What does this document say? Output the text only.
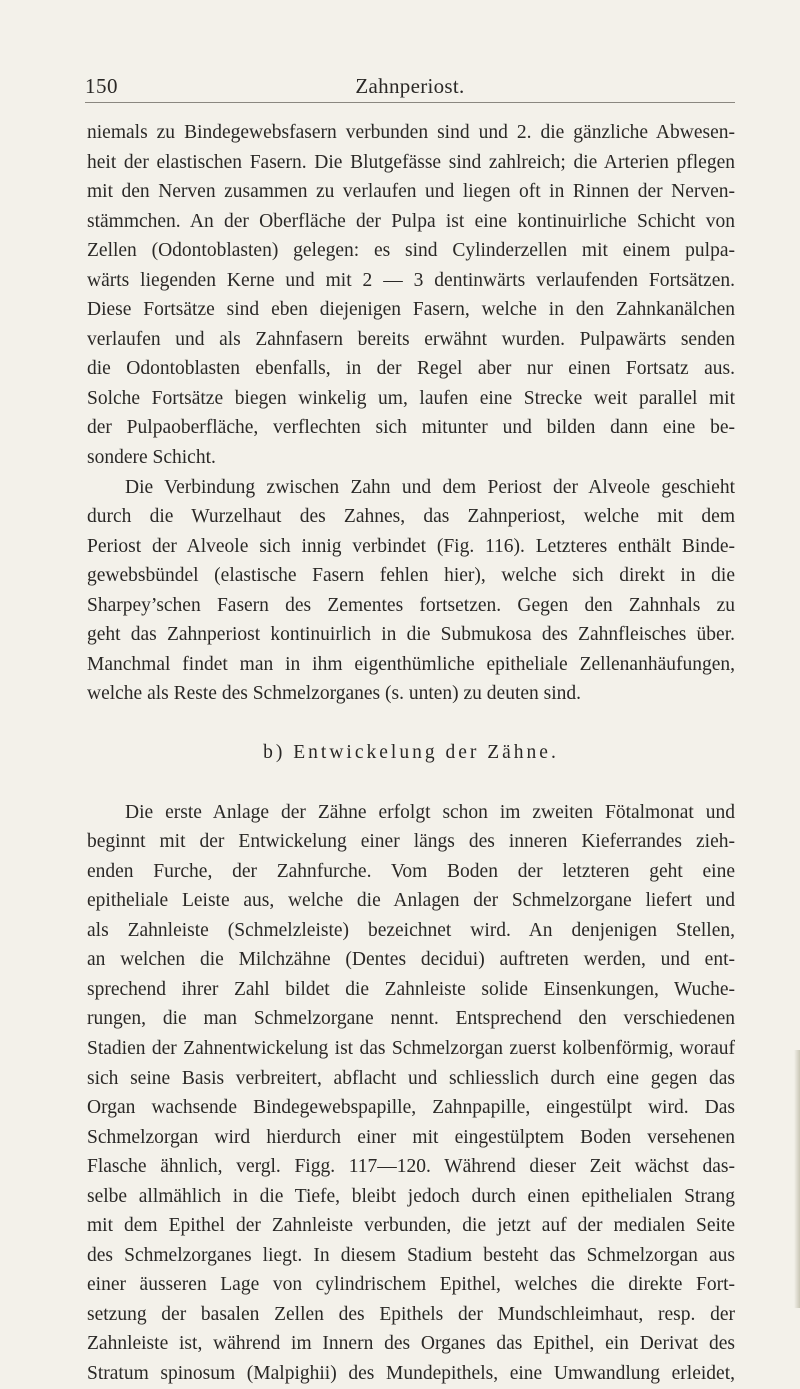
150	Zahnperiost.
niemals zu Bindegewebsfasern verbunden sind und 2. die gänzliche Abwesen-
heit der elastischen Fasern. Die Blutgefässe sind zahlreich; die Arterien pflegen
mit den Nerven zusammen zu verlaufen und liegen oft in Rinnen der Nerven-
stämmchen. An der Oberfläche der Pulpa ist eine kontinuirliche Schicht von
Zellen (Odontoblasten) gelegen: es sind Cylinderzellen mit einem pulpa-
wärts liegenden Kerne und mit 2 — 3 dentinwärts verlaufenden Fortsätzen.
Diese Fortsätze sind eben diejenigen Fasern, welche in den Zahnkanälchen
verlaufen und als Zahnfasern bereits erwähnt wurden. Pulpawärts senden
die Odontoblasten ebenfalls, in der Regel aber nur einen Fortsatz aus.
Solche Fortsätze biegen winkelig um, laufen eine Strecke weit parallel mit
der Pulpaoberfläche, verflechten sich mitunter und bilden dann eine be-
sondere Schicht.
Die Verbindung zwischen Zahn und dem Periost der Alveole geschieht
durch die Wurzelhaut des Zahnes, das Zahnperiost, welche mit dem
Periost der Alveole sich innig verbindet (Fig. 116). Letzteres enthält Binde-
gewebsbündel (elastische Fasern fehlen hier), welche sich direkt in die
Sharpey’schen Fasern des Zementes fortsetzen. Gegen den Zahnhals zu
geht das Zahnperiost kontinuirlich in die Submukosa des Zahnfleisches über.
Manchmal findet man in ihm eigenthümliche epitheliale Zellenanhäufungen,
welche als Reste des Schmelzorganes (s. unten) zu deuten sind.
b) Entwickelung der Zähne.
Die erste Anlage der Zähne erfolgt schon im zweiten Fötalmonat und
beginnt mit der Entwickelung einer längs des inneren Kieferrandes zieh-
enden Furche, der Zahnfurche. Vom Boden der letzteren geht eine
epitheliale Leiste aus, welche die Anlagen der Schmelzorgane liefert und
als Zahnleiste (Schmelzleiste) bezeichnet wird. An denjenigen Stellen,
an welchen die Milchzähne (Dentes decidui) auftreten werden, und ent-
sprechend ihrer Zahl bildet die Zahnleiste solide Einsenkungen, Wuche-
rungen, die man Schmelzorgane nennt. Entsprechend den verschiedenen
Stadien der Zahnentwickelung ist das Schmelzorgan zuerst kolbenförmig, worauf
sich seine Basis verbreitert, abflacht und schliesslich durch eine gegen das
Organ wachsende Bindegewebspapille, Zahnpapille, eingestülpt wird. Das
Schmelzorgan wird hierdurch einer mit eingestülptem Boden versehenen
Flasche ähnlich, vergl. Figg. 117—120. Während dieser Zeit wächst das-
selbe allmählich in die Tiefe, bleibt jedoch durch einen epithelialen Strang
mit dem Epithel der Zahnleiste verbunden, die jetzt auf der medialen Seite
des Schmelzorganes liegt. In diesem Stadium besteht das Schmelzorgan aus
einer äusseren Lage von cylindrischem Epithel, welches die direkte Fort-
setzung der basalen Zellen des Epithels der Mundschleimhaut, resp. der
Zahnleiste ist, während im Innern des Organes das Epithel, ein Derivat des
Stratum spinosum (Malpighii) des Mundepithels, eine Umwandlung erleidet,
